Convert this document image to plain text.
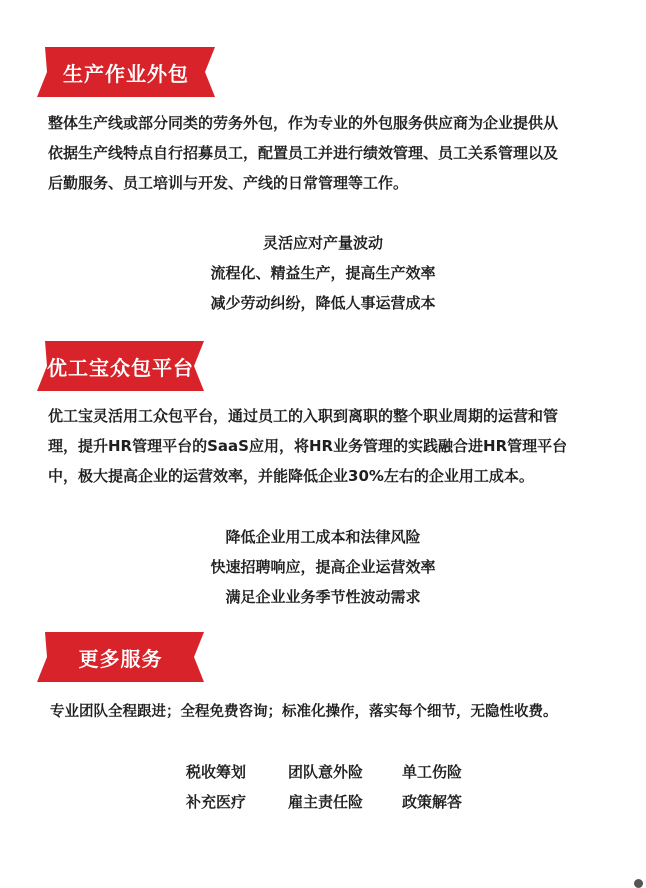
生产作业外包
整体生产线或部分同类的劳务外包，作为专业的外包服务供应商为企业提供从
依据生产线特点自行招募员工，配置员工并进行绩效管理、员工关系管理以及
后勤服务、员工培训与开发、产线的日常管理等工作。
灵活应对产量波动
流程化、精益生产，提高生产效率
减少劳动纠纷，降低人事运营成本
优工宝众包平台
优工宝灵活用工众包平台，通过员工的入职到离职的整个职业周期的运营和管
理，提升HR管理平台的SaaS应用，将HR业务管理的实践融合进HR管理平台
中，极大提高企业的运营效率，并能降低企业30%左右的企业用工成本。
降低企业用工成本和法律风险
快速招聘响应，提高企业运营效率
满足企业业务季节性波动需求
更多服务
专业团队全程跟进；全程免费咨询；标准化操作，落实每个细节，无隐性收费。
税收筹划	团队意外险	单工伤险
补充医疗	雇主责任险	政策解答
